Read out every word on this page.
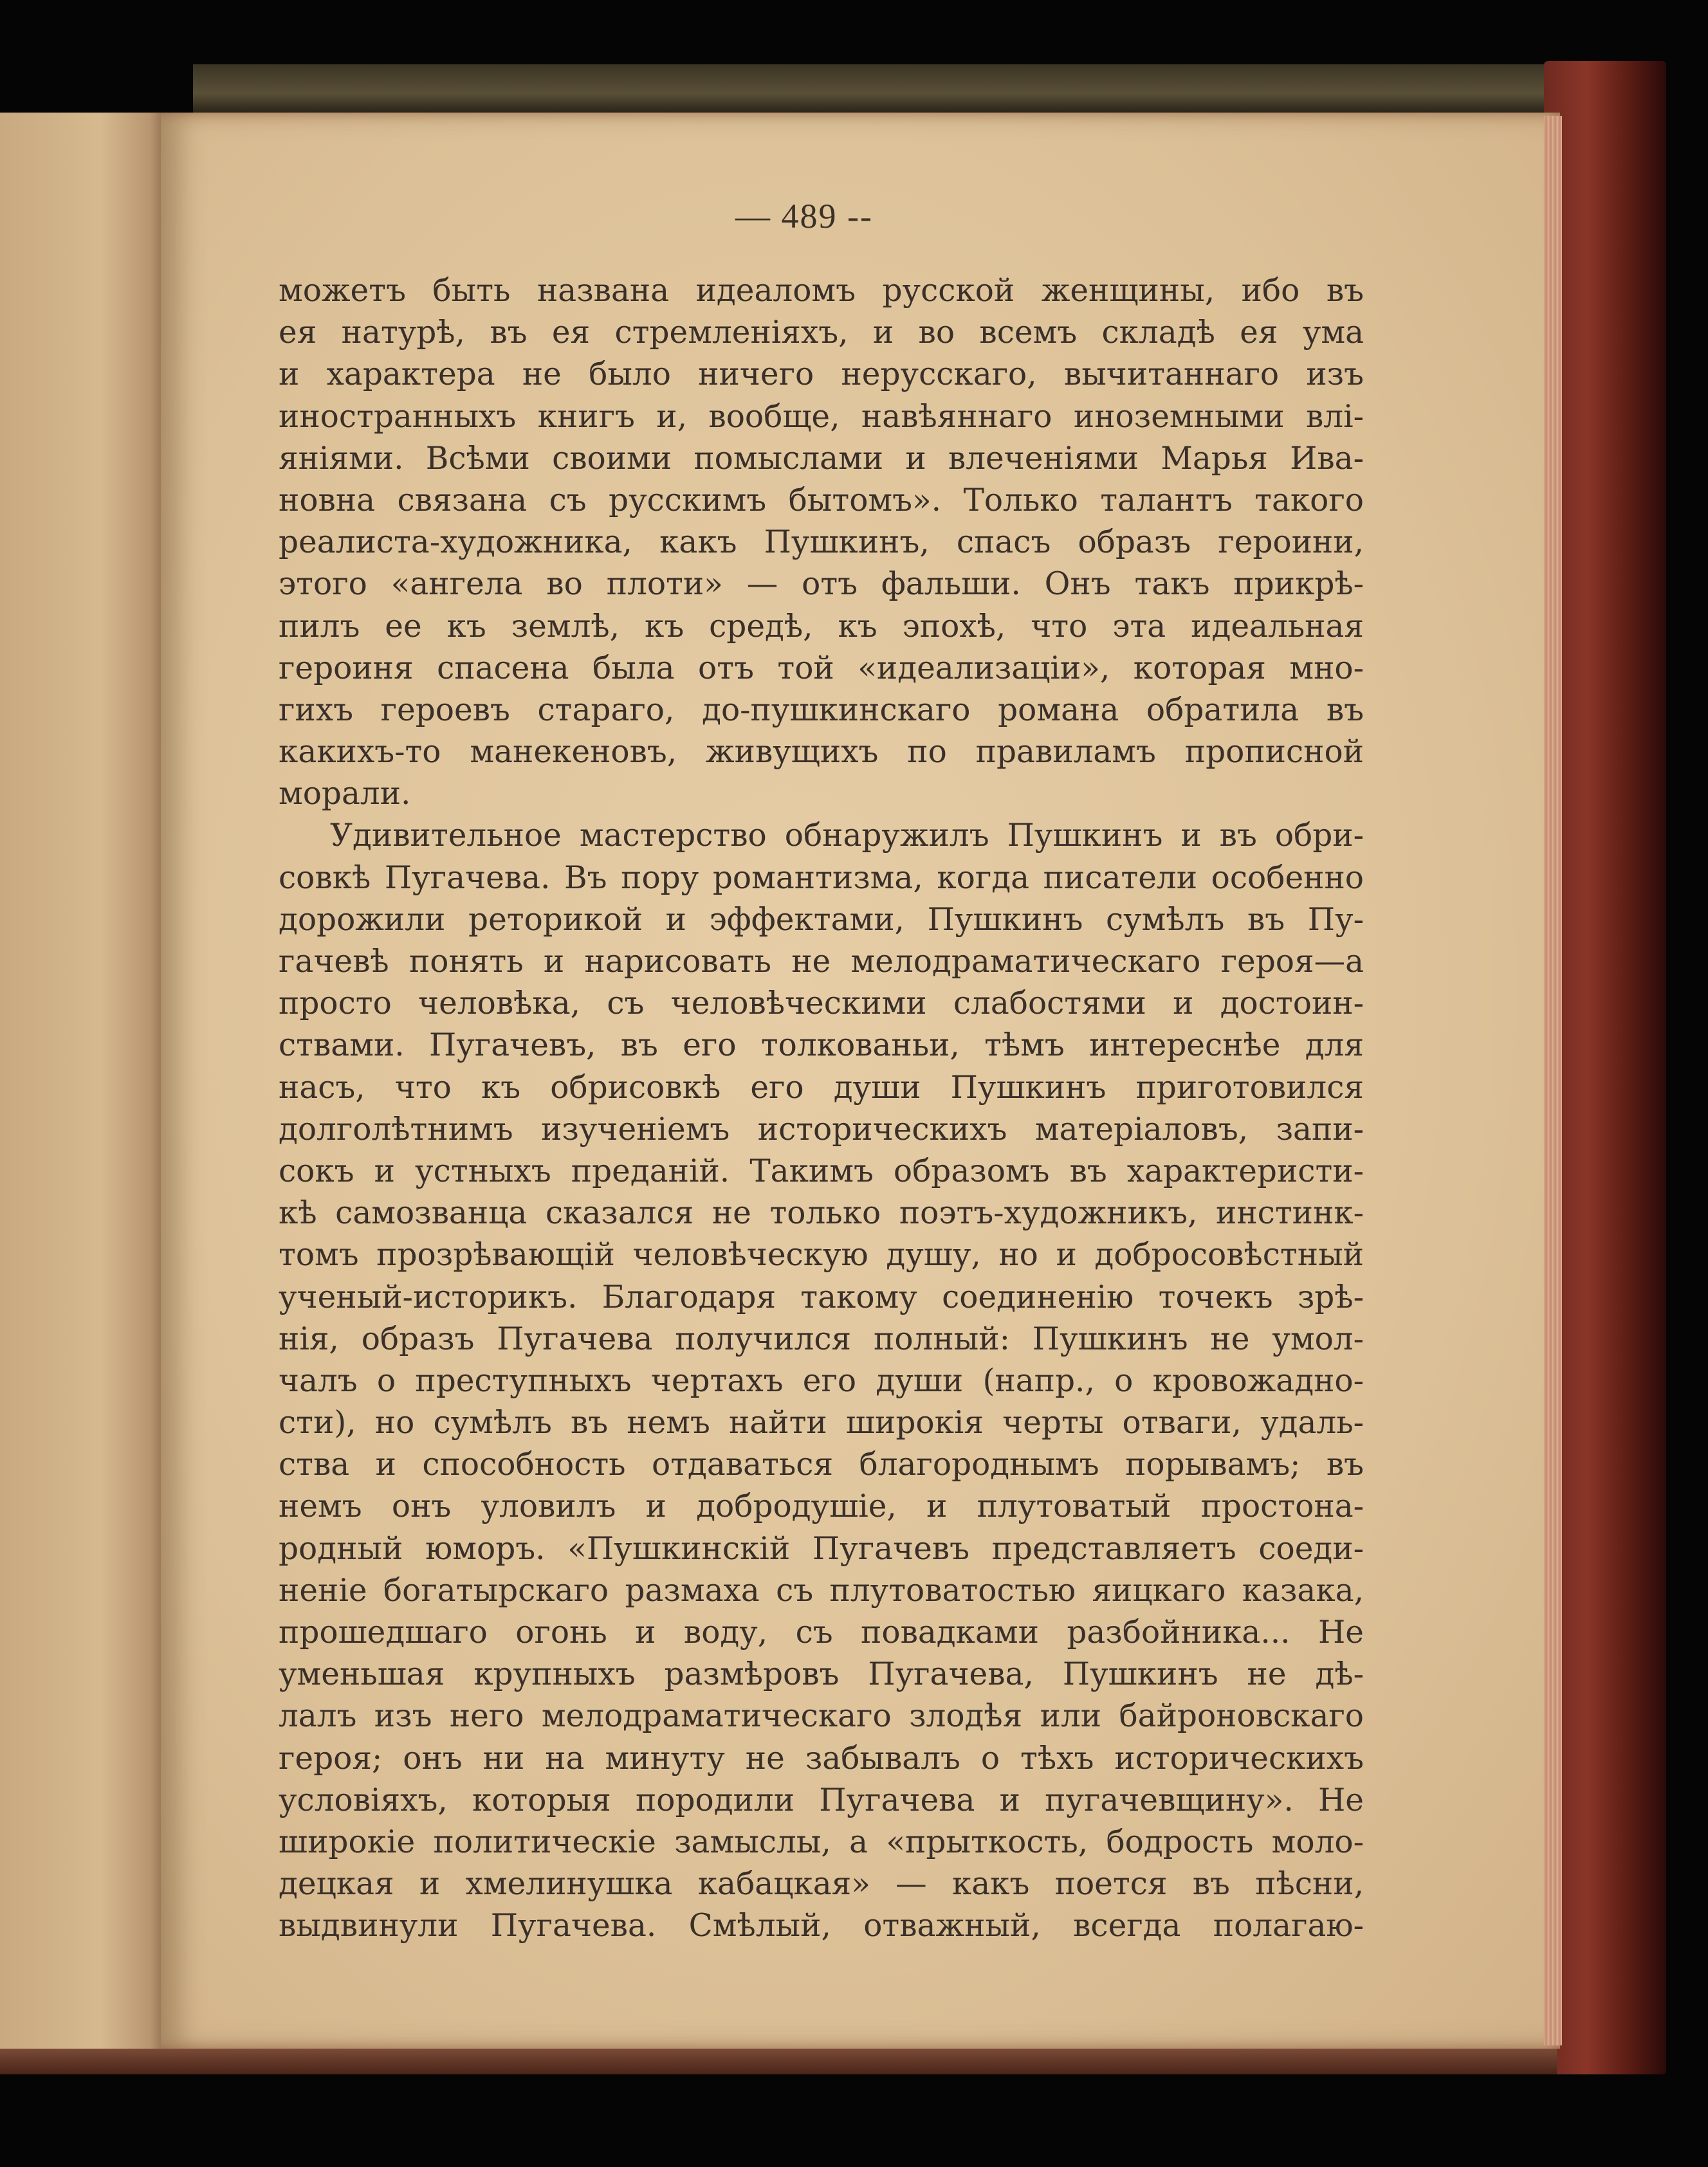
— 489 --
можетъ быть названа идеаломъ русской женщины, ибо въ
ея натурѣ, въ ея стремленіяхъ, и во всемъ складѣ ея ума
и характера не было ничего нерусскаго, вычитаннаго изъ
иностранныхъ книгъ и, вообще, навѣяннаго иноземными влі-
яніями. Всѣми своими помыслами и влеченіями Марья Ива-
новна связана съ русскимъ бытомъ». Только талантъ такого
реалиста-художника, какъ Пушкинъ, спасъ образъ героини,
этого «ангела во плоти» — отъ фальши. Онъ такъ прикрѣ-
пилъ ее къ землѣ, къ средѣ, къ эпохѣ, что эта идеальная
героиня спасена была отъ той «идеализаціи», которая мно-
гихъ героевъ стараго, до-пушкинскаго романа обратила въ
какихъ-то манекеновъ, живущихъ по правиламъ прописной
морали.
Удивительное мастерство обнаружилъ Пушкинъ и въ обри-
совкѣ Пугачева. Въ пору романтизма, когда писатели особенно
дорожили реторикой и эффектами, Пушкинъ сумѣлъ въ Пу-
гачевѣ понять и нарисовать не мелодраматическаго героя—а
просто человѣка, съ человѣческими слабостями и достоин-
ствами. Пугачевъ, въ его толкованьи, тѣмъ интереснѣе для
насъ, что къ обрисовкѣ его души Пушкинъ приготовился
долголѣтнимъ изученіемъ историческихъ матеріаловъ, запи-
сокъ и устныхъ преданій. Такимъ образомъ въ характеристи-
кѣ самозванца сказался не только поэтъ-художникъ, инстинк-
томъ прозрѣвающій человѣческую душу, но и добросовѣстный
ученый-историкъ. Благодаря такому соединенію точекъ зрѣ-
нія, образъ Пугачева получился полный: Пушкинъ не умол-
чалъ о преступныхъ чертахъ его души (напр., о кровожадно-
сти), но сумѣлъ въ немъ найти широкія черты отваги, удаль-
ства и способность отдаваться благороднымъ порывамъ; въ
немъ онъ уловилъ и добродушіе, и плутоватый простона-
родный юморъ. «Пушкинскій Пугачевъ представляетъ соеди-
неніе богатырскаго размаха съ плутоватостью яицкаго казака,
прошедшаго огонь и воду, съ повадками разбойника... Не
уменьшая крупныхъ размѣровъ Пугачева, Пушкинъ не дѣ-
лалъ изъ него мелодраматическаго злодѣя или байроновскаго
героя; онъ ни на минуту не забывалъ о тѣхъ историческихъ
условіяхъ, которыя породили Пугачева и пугачевщину». Не
широкіе политическіе замыслы, а «прыткость, бодрость моло-
децкая и хмелинушка кабацкая» — какъ поется въ пѣсни,
выдвинули Пугачева. Смѣлый, отважный, всегда полагаю-
